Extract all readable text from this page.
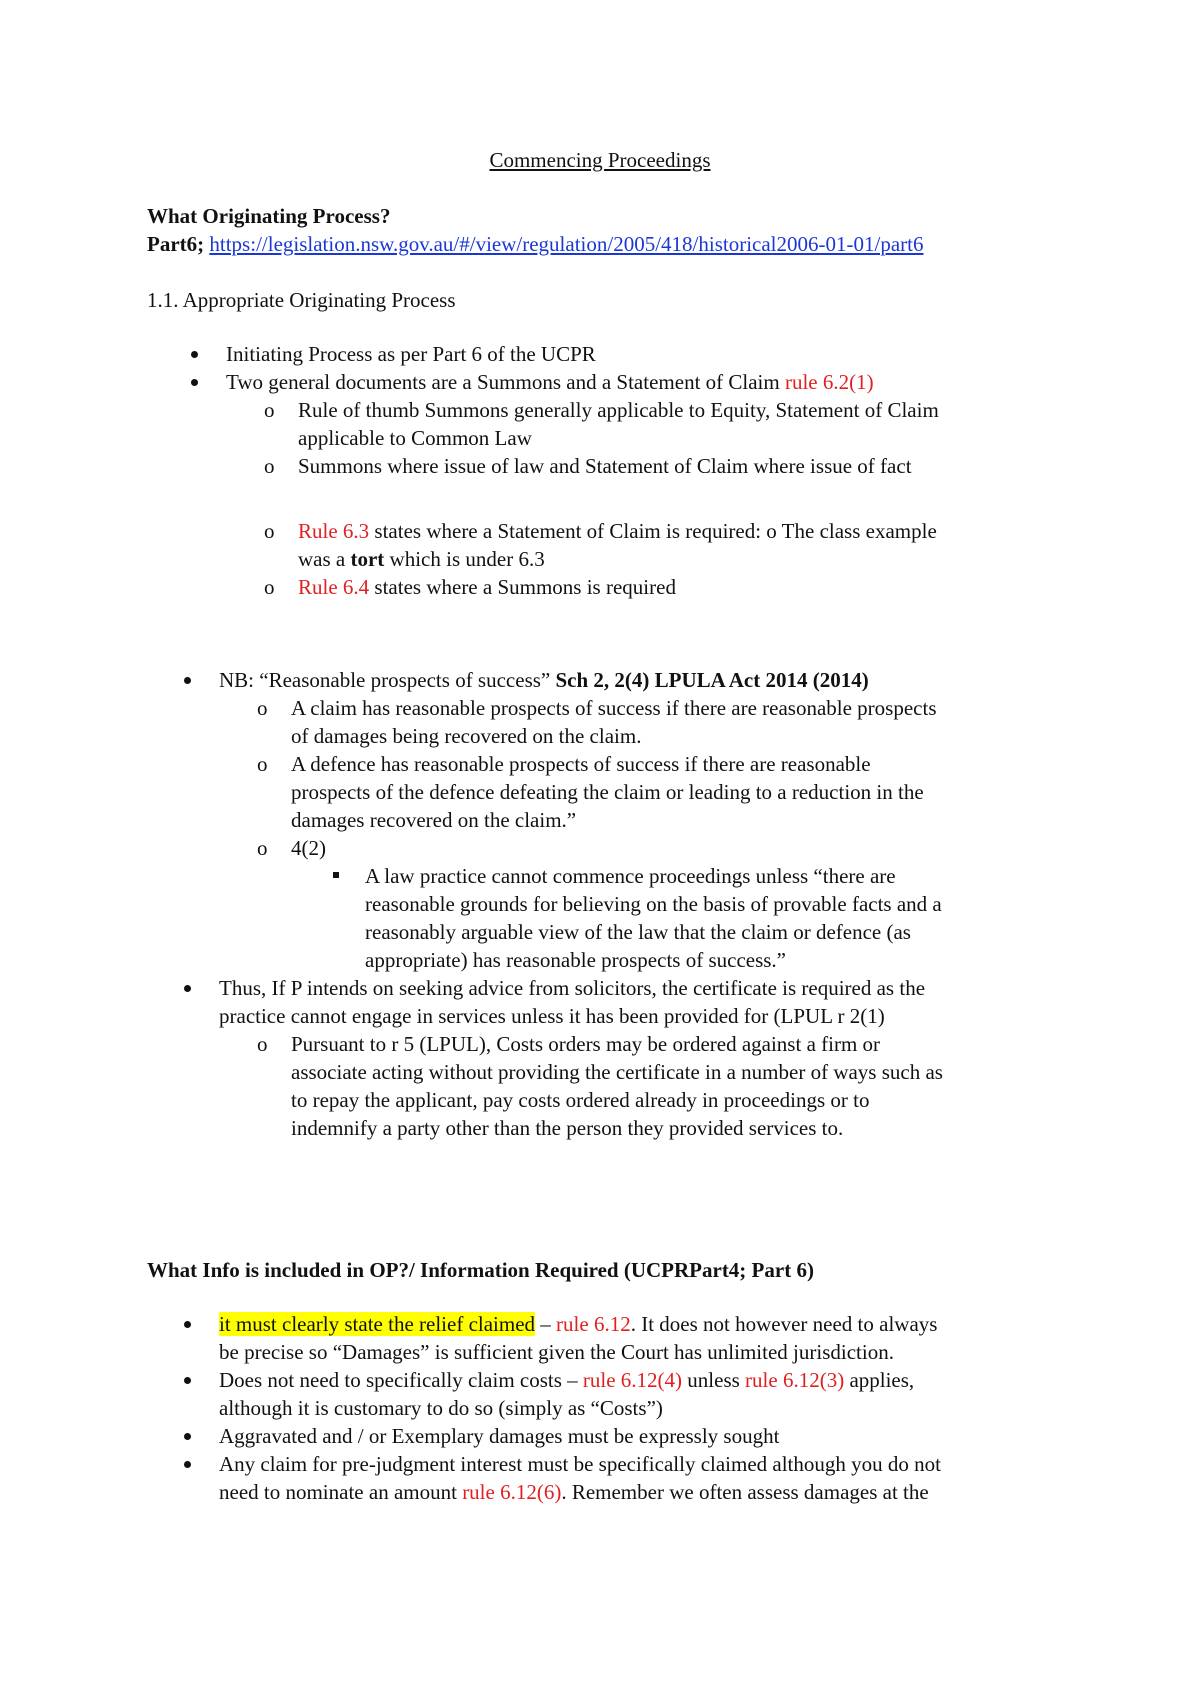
Commencing Proceedings
What Originating Process?
Part6; https://legislation.nsw.gov.au/#/view/regulation/2005/418/historical2006-01-01/part6
1.1. Appropriate Originating Process
Initiating Process as per Part 6 of the UCPR
Two general documents are a Summons and a Statement of Claim rule 6.2(1)
o Rule of thumb Summons generally applicable to Equity, Statement of Claim
applicable to Common Law
o Summons where issue of law and Statement of Claim where issue of fact
o Rule 6.3 states where a Statement of Claim is required: o The class example
was a tort which is under 6.3
o Rule 6.4 states where a Summons is required
NB: “Reasonable prospects of success” Sch 2, 2(4) LPULA Act 2014 (2014)
o A claim has reasonable prospects of success if there are reasonable prospects
of damages being recovered on the claim.
o A defence has reasonable prospects of success if there are reasonable
prospects of the defence defeating the claim or leading to a reduction in the
damages recovered on the claim.”
o 4(2)
A law practice cannot commence proceedings unless “there are
reasonable grounds for believing on the basis of provable facts and a
reasonably arguable view of the law that the claim or defence (as
appropriate) has reasonable prospects of success.”
Thus, If P intends on seeking advice from solicitors, the certificate is required as the
practice cannot engage in services unless it has been provided for (LPUL r 2(1)
o Pursuant to r 5 (LPUL), Costs orders may be ordered against a firm or
associate acting without providing the certificate in a number of ways such as
to repay the applicant, pay costs ordered already in proceedings or to
indemnify a party other than the person they provided services to.
What Info is included in OP?/ Information Required (UCPRPart4; Part 6)
it must clearly state the relief claimed – rule 6.12. It does not however need to always
be precise so “Damages” is sufficient given the Court has unlimited jurisdiction.
Does not need to specifically claim costs – rule 6.12(4) unless rule 6.12(3) applies,
although it is customary to do so (simply as “Costs”)
Aggravated and / or Exemplary damages must be expressly sought
Any claim for pre-judgment interest must be specifically claimed although you do not
need to nominate an amount rule 6.12(6). Remember we often assess damages at the
